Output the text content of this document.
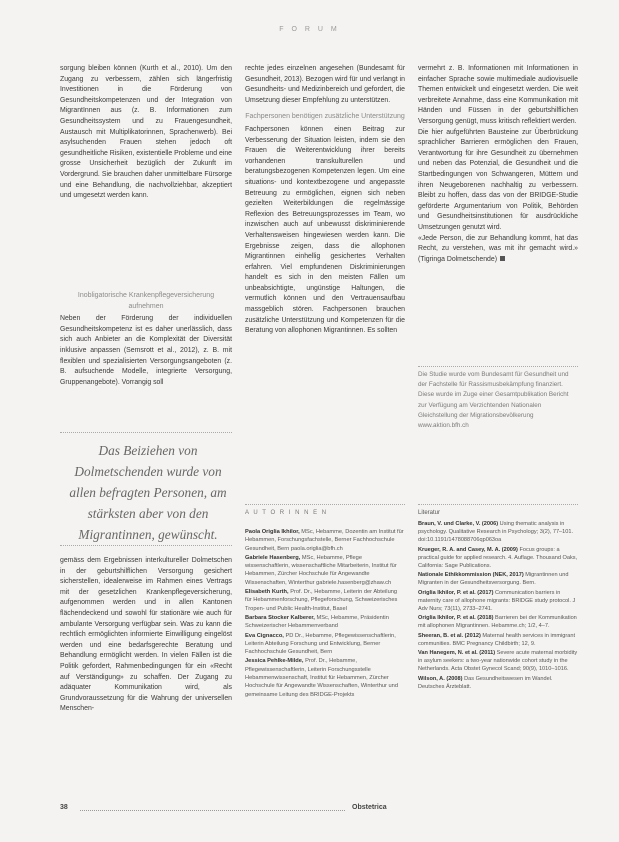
F O R U M

sorgung bleiben können (Kurth et al., 2010). Um den Zugang zu verbessern, zählen sich längerfristig Investitionen in die Förderung von Gesundheitskompetenzen und der Integration von MigrantInnen aus (z. B. Informationen zum Gesundheitssystem und zu Frauengesundheit, Austausch mit Multiplikatorinnen, Sprachenwerb). Bei asylsuchenden Frauen stehen jedoch oft gesundheitliche Risiken, existentielle Probleme und eine grosse Unsicherheit bezüglich der Zukunft im Vordergrund. Sie brauchen daher unmittelbare Fürsorge und eine Behandlung, die nachvollziehbar, akzeptiert und umgesetzt werden kann.

Inobligatorische Krankenpflegeversicherung aufnehmen

Neben der Förderung der individuellen Gesundheitskompetenz ist es daher unerlässlich, dass sich auch Anbieter an die Komplexität der Diversität inklusive anpassen (Semsrott et al., 2012), z. B. mit flexiblen und spezialisierten Versorgungsangeboten (z. B. aufsuchende Modelle, integrierte Versorgung, Gruppenangebote). Vorrangig soll

Das Beiziehen von Dolmetschenden wurde von allen befragten Personen, am stärksten aber von den Migrantinnen, gewünscht.

gemäss dem Ergebnissen interkultureller Dolmetschen in der geburtshilflichen Versorgung gesichert sicherstellen, idealerweise im Rahmen eines Vertrags mit der gesetzlichen Krankenpflegeversicherung, aufgenommen werden und in allen Kantonen flächendeckend und sowohl für stationäre wie auch für ambulante Versorgung verfügbar sein. Was zu kann die rechtlich ermöglichten informierte Einwilligung eingelöst werden und eine bedarfsgerechte Beratung und Behandlung ermöglicht werden. In vielen Fällen ist die Politik gefordert, Rahmenbedingungen für ein «Recht auf Verständigung» zu schaffen. Der Zugang zu adäquater Kommunikation wird, als Grundvoraussetzung für die Wahrung der universellen Menschen-

rechte jedes einzelnen angesehen (Bundesamt für Gesundheit, 2013). Bezogen wird für und verlangt in Gesundheits- und Medizinbereich und gefordert, die Umsetzung dieser Empfehlung zu unterstützen.

Fachpersonen benötigen zusätzliche Unterstützung

Fachpersonen können einen Beitrag zur Verbesserung der Situation leisten, indem sie den Frauen die Weiterentwicklung ihrer bereits vorhandenen transkulturellen und beratungsbezogenen Kompetenzen legen. Um eine situations- und kontextbezogene und angepasste Betreuung zu ermöglichen, eignen sich neben gezielten Weiterbildungen die regelmässige Reflexion des Betreuungsprozesses im Team, wo inzwischen auch auf unbewusst diskriminierende Verhaltensweisen hingewiesen werden kann. Die Ergebnisse zeigen, dass die allophonen Migrantinnen einhellig gesichertes Verhalten erfahren. Viel empfundenen Diskriminierungen handelt es sich in den meisten Fällen um unbeabsichtigte, ungünstige Haltungen, die vermutlich können und den Vertrauensaufbau massgeblich stören. Fachpersonen brauchen zusätzliche Unterstützung und Kompetenzen für die Beratung von allophonen Migrantinnen. Es sollten

vermehrt z. B. Informationen mit Informationen in einfacher Sprache sowie multimediale audiovisuelle Themen entwickelt und eingesetzt werden. Die weit verbreitete Annahme, dass eine Kommunikation mit Händen und Füssen in der geburtshilflichen Versorgung genügt, muss kritisch reflektiert werden.

Die hier aufgeführten Bausteine zur Überbrückung sprachlicher Barrieren ermöglichen den Frauen, Verantwortung für ihre Gesundheit zu übernehmen und neben das Potenzial, die Gesundheit und die Startbedingungen von Schwangeren, Müttern und ihren Neugeborenen nachhaltig zu verbessern. Bleibt zu hoffen, dass das von der BRIDGE-Studie geförderte Argumentarium von Politik, Behörden und Gesundheitsinstitutionen für ausdrückliche Umsetzungen genutzt wird.

«Jede Person, die zur Behandlung kommt, hat das Recht, zu verstehen, was mit ihr gemacht wird.» (Tigringa Dolmetschende)

Die Studie wurde vom Bundesamt für Gesundheit und der Fachstelle für Rassismusbekämpfung finanziert. Diese wurde im Zuge einer Gesamtpublikation Bericht zur Verfügung am Verzichtenden Nationalen Gleichstellung der Migrationsbevölkerung www.aktion.bfh.ch
A U T O R I N N E N
Paola Origlia Ikhilor, MSc, Hebamme, Dozentin am Institut für Hebammen, Forschungsfachstelle, Berner Fachhochschule Gesundheit, Bern paola.origlia@bfh.ch
Gabriele Hasenberg, MSc, Hebamme, Pflege wissenschaftlerin, wissenschaftliche Mitarbeiterin, Institut für Hebammen, Zürcher Hochschule für Angewandte Wissenschaften, Winterthur gabriele.hasenberg@zhaw.ch
Elisabeth Kurth, Prof. Dr., Hebamme, Leiterin der Abteilung für Hebammenforschung, Pflegeforschung, Schweizerisches Tropen- und Public Health-Institut, Basel
Barbara Stocker Kalberer, MSc, Hebamme, Präsidentin Schweizerischer Hebammenverband
Eva Cignacco, PD Dr., Hebamme, Pflegewissenschaftlerin, Leiterin Abteilung Forschung und Entwicklung, Berner Fachhochschule Gesundheit, Bern
Jessica Pehlke-Milde, Prof. Dr., Hebamme, Pflegewissenschaftlerin, Leiterin Forschungsstelle Hebammenwissenschaft, Institut für Hebammen, Zürcher Hochschule für Angewandte Wissenschaften, Winterthur und gemeinsame Leitung des BRIDGE-Projekts
Literatur
Braun, V. und Clarke, V. (2006) Using thematic analysis in psychology. Qualitative Research in Psychology; 3(2), 77–101. doi:10.1191/1478088706qp063oa
Krueger, R. A. and Casey, M. A. (2009) Focus groups: a practical guide for applied research. 4. Auflage. Thousand Oaks, California: Sage Publications.
Nationale Ethikkommission (NEK, 2017) Migrantinnen und Migranten in der Gesundheitsversorgung. Bern.
Origlia Ikhilor, P. et al. (2017) Communication barriers in maternity care of allophone migrants: BRIDGE study protocol. J Adv Nurs; 73(11), 2733–2741.
Origlia Ikhilor, P. et al. (2018) Barrieren bei der Kommunikation mit allophonen Migrantinnen. Hebamme.ch; 1/2, 4–7.
Sheeran, B. et al. (2012) Maternal health services in immigrant communities. BMC Pregnancy Childbirth; 12, 9.
Van Hanegem, N. et al. (2011) Severe acute maternal morbidity in asylum seekers: a two-year nationwide cohort study in the Netherlands. Acta Obstet Gynecol Scand; 90(9), 1010–1016.
Wilson, A. (2008) Das Gesundheitswesen im Wandel. Deutsches Ärzteblatt.
38	Obstetrica
